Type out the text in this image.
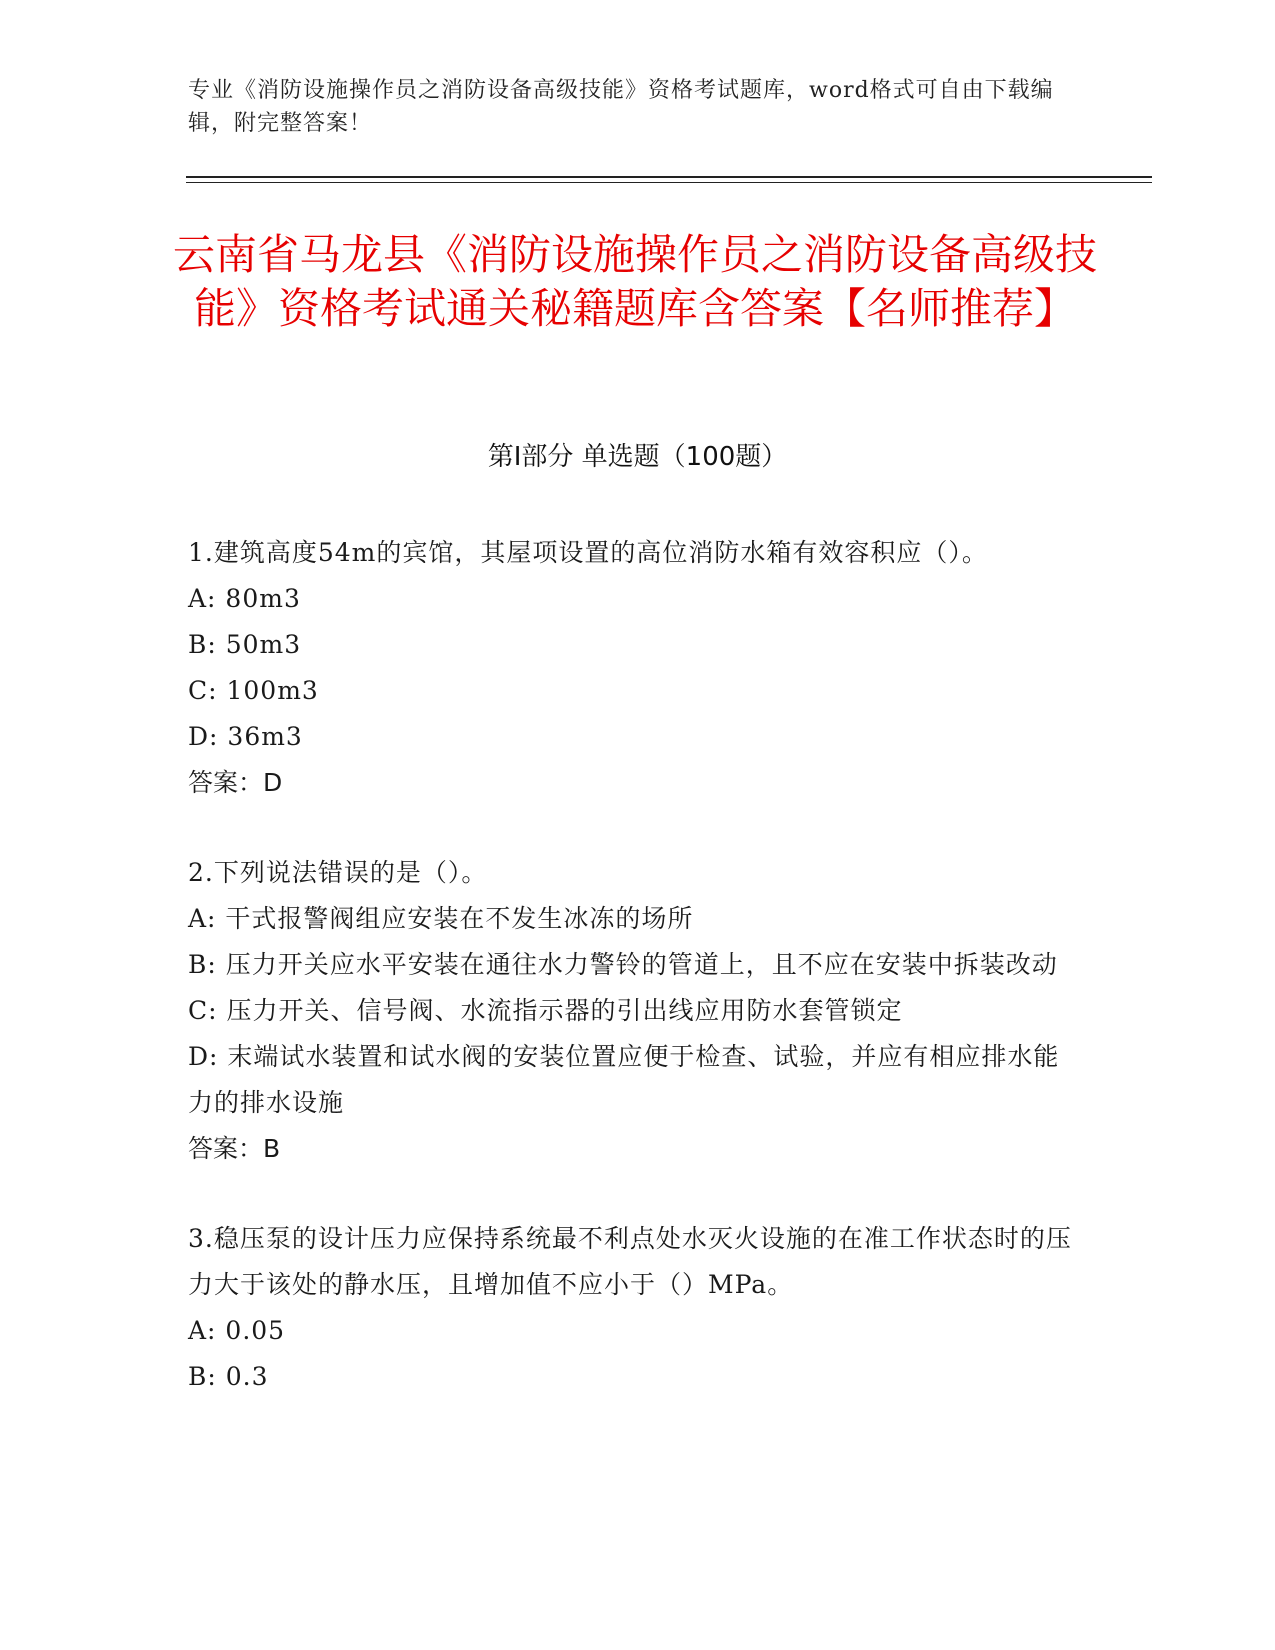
专业《消防设施操作员之消防设备高级技能》资格考试题库，word格式可自由下载编辑，附完整答案！
云南省马龙县《消防设施操作员之消防设备高级技能》资格考试通关秘籍题库含答案【名师推荐】
第I部分 单选题（100题）

1.建筑高度54m的宾馆，其屋项设置的高位消防水箱有效容积应（）。

A: 80m3

B: 50m3

C: 100m3

D: 36m3

答案：D

2.下列说法错误的是（）。

A: 干式报警阀组应安装在不发生冰冻的场所

B: 压力开关应水平安装在通往水力警铃的管道上，且不应在安装中拆装改动

C: 压力开关、信号阀、水流指示器的引出线应用防水套管锁定

D: 末端试水装置和试水阀的安装位置应便于检查、试验，并应有相应排水能力的排水设施

答案：B

3.稳压泵的设计压力应保持系统最不利点处水灭火设施的在准工作状态时的压力大于该处的静水压，且增加值不应小于（）MPa。

A: 0.05

B: 0.3
